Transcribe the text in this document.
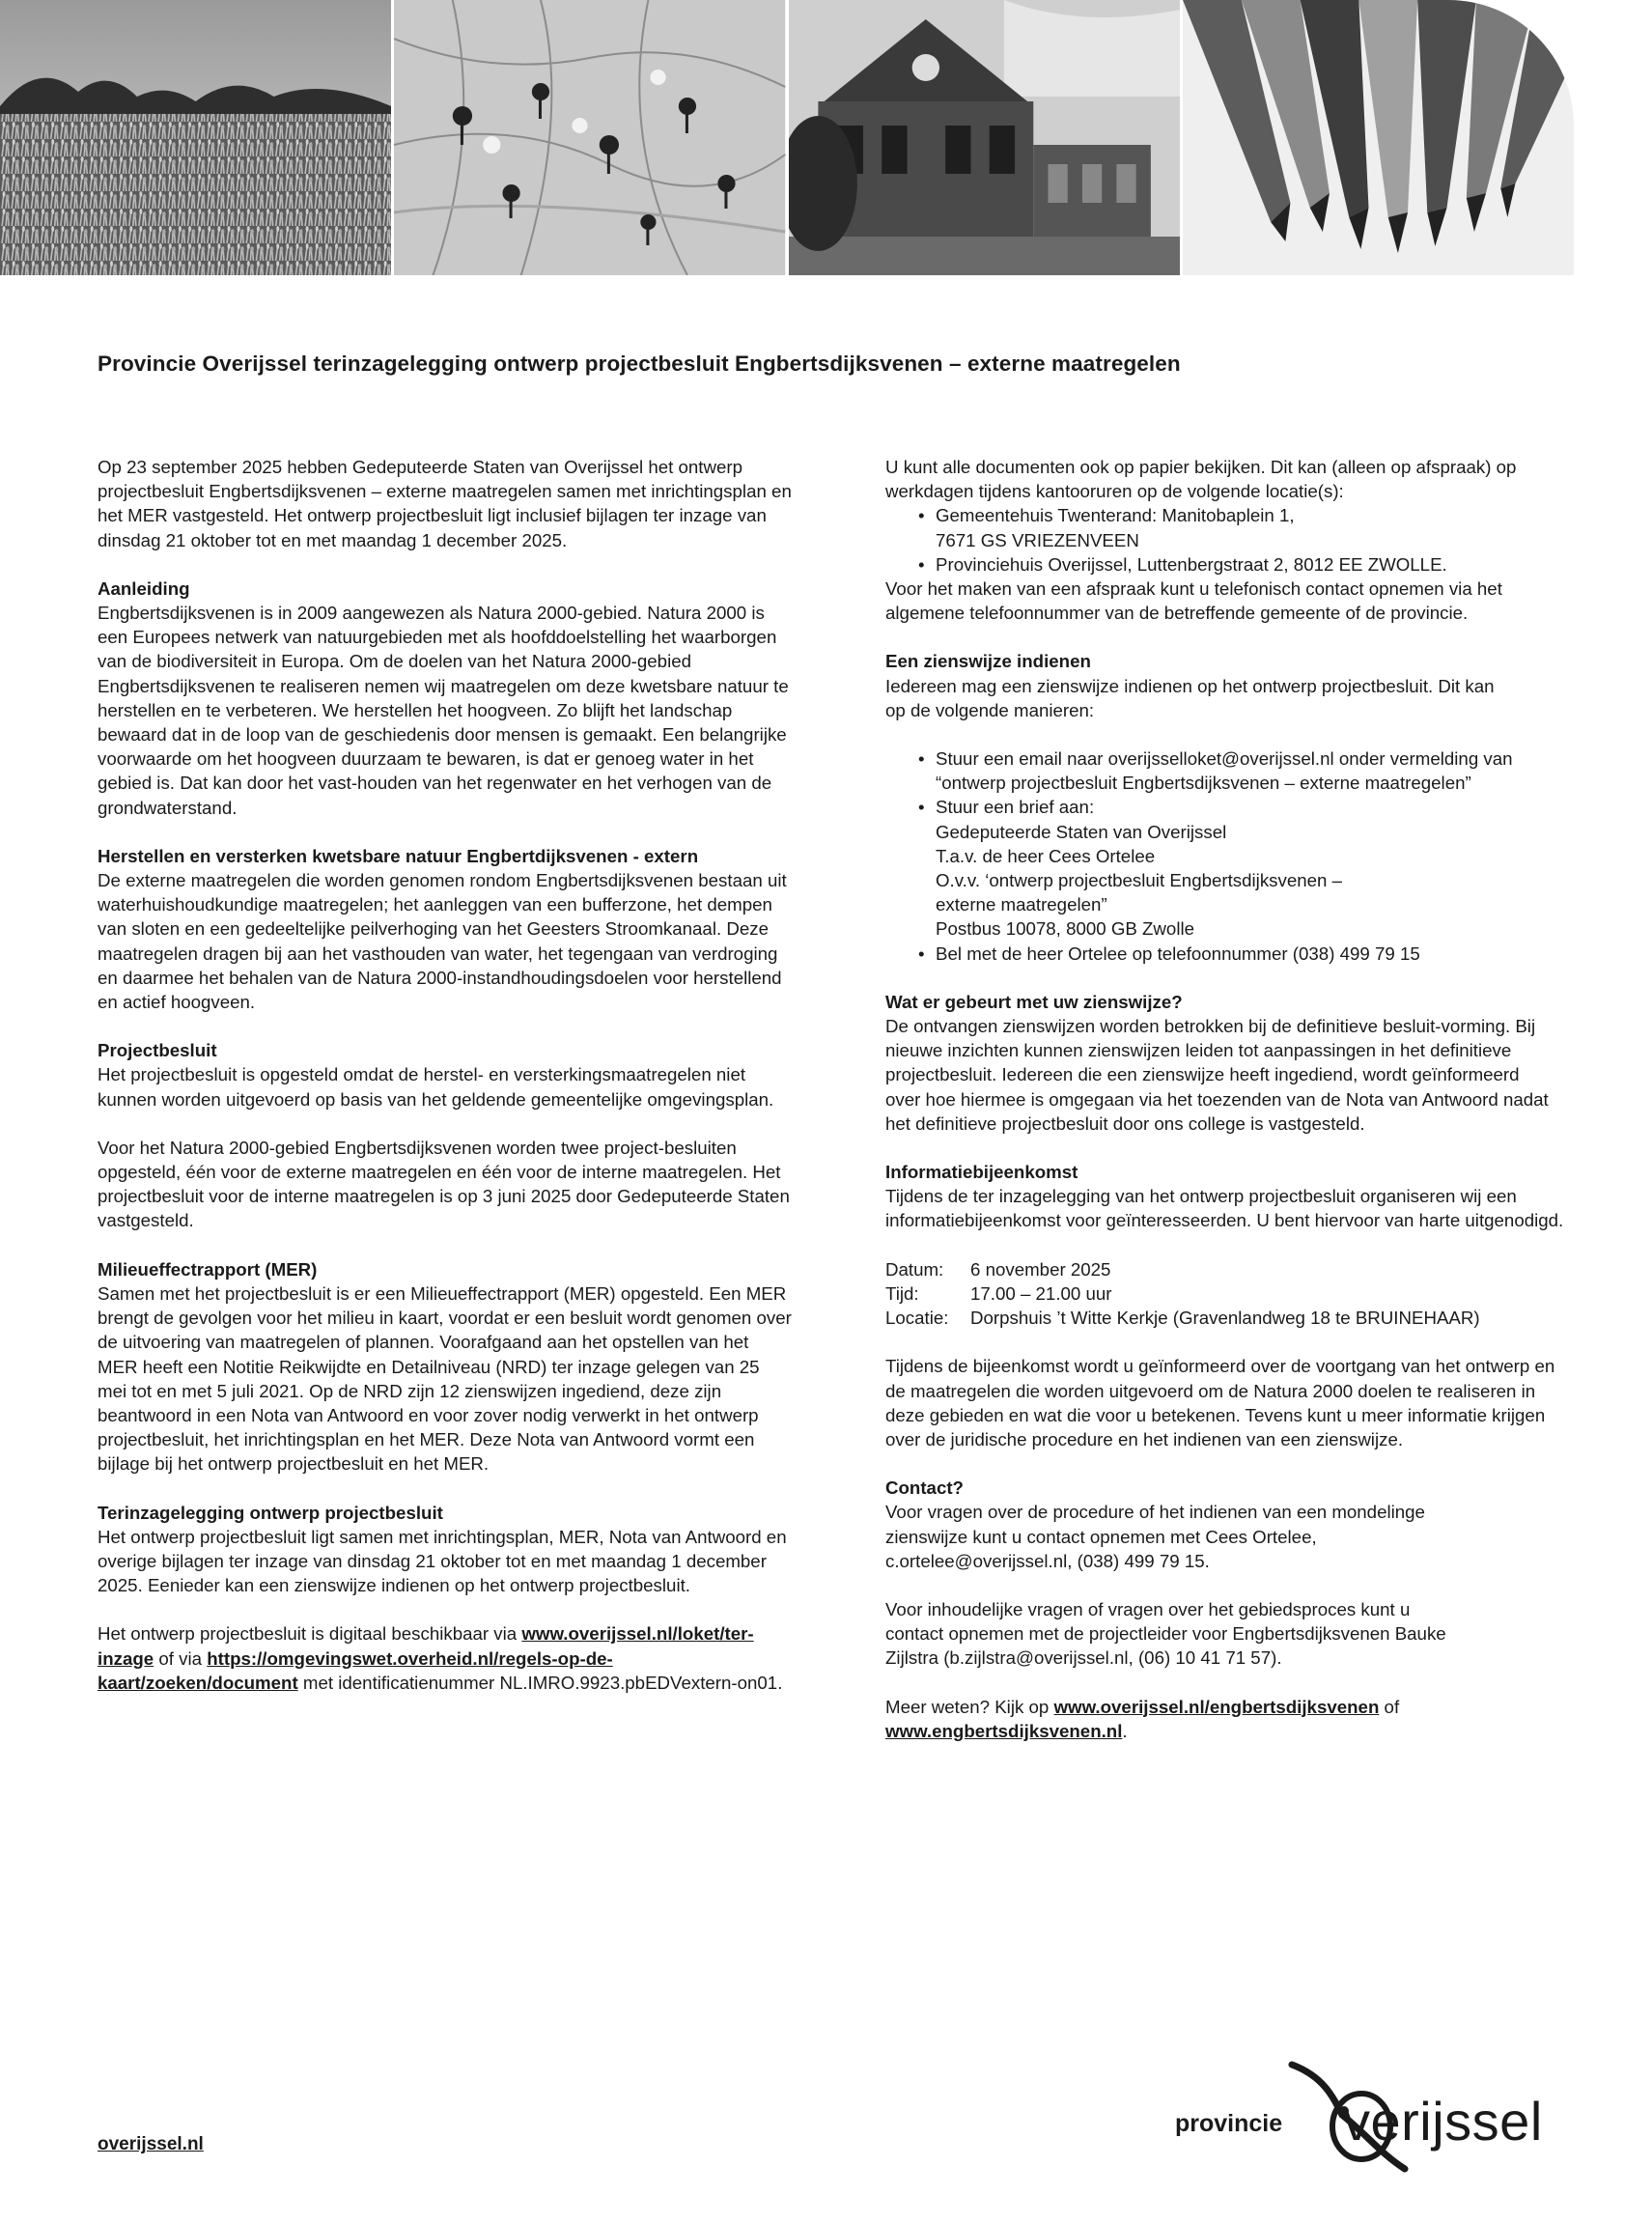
Provincie Overijssel terinzagelegging ontwerp projectbesluit Engbertsdijksvenen – externe maatregelen

Op 23 september 2025 hebben Gedeputeerde Staten van Overijssel het ontwerp projectbesluit Engbertsdijksvenen – externe maatregelen samen met inrichtingsplan en het MER vastgesteld. Het ontwerp projectbesluit ligt inclusief bijlagen ter inzage van dinsdag 21 oktober tot en met maandag 1 december 2025.

Aanleiding

Engbertsdijksvenen is in 2009 aangewezen als Natura 2000-gebied. Natura 2000 is een Europees netwerk van natuurgebieden met als hoofddoelstelling het waarborgen van de biodiversiteit in Europa. Om de doelen van het Natura 2000-gebied Engbertsdijksvenen te realiseren nemen wij maatregelen om deze kwetsbare natuur te herstellen en te verbeteren. We herstellen het hoogveen. Zo blijft het landschap bewaard dat in de loop van de geschiedenis door mensen is gemaakt. Een belangrijke voorwaarde om het hoogveen duurzaam te bewaren, is dat er genoeg water in het gebied is. Dat kan door het vast-houden van het regenwater en het verhogen van de grondwaterstand.

Herstellen en versterken kwetsbare natuur Engbertdijksvenen - extern

De externe maatregelen die worden genomen rondom Engbertsdijksvenen bestaan uit waterhuishoudkundige maatregelen; het aanleggen van een bufferzone, het dempen van sloten en een gedeeltelijke peilverhoging van het Geesters Stroomkanaal. Deze maatregelen dragen bij aan het vasthouden van water, het tegengaan van verdroging en daarmee het behalen van de Natura 2000-instandhoudingsdoelen voor herstellend en actief hoogveen.

Projectbesluit

Het projectbesluit is opgesteld omdat de herstel- en versterkingsmaatregelen niet kunnen worden uitgevoerd op basis van het geldende gemeentelijke omgevingsplan.

Voor het Natura 2000-gebied Engbertsdijksvenen worden twee project-besluiten opgesteld, één voor de externe maatregelen en één voor de interne maatregelen. Het projectbesluit voor de interne maatregelen is op 3 juni 2025 door Gedeputeerde Staten vastgesteld.

Milieueffectrapport (MER)

Samen met het projectbesluit is er een Milieueffectrapport (MER) opgesteld. Een MER brengt de gevolgen voor het milieu in kaart, voordat er een besluit wordt genomen over de uitvoering van maatregelen of plannen. Voorafgaand aan het opstellen van het MER heeft een Notitie Reikwijdte en Detailniveau (NRD) ter inzage gelegen van 25 mei tot en met 5 juli 2021. Op de NRD zijn 12 zienswijzen ingediend, deze zijn beantwoord in een Nota van Antwoord en voor zover nodig verwerkt in het ontwerp projectbesluit, het inrichtingsplan en het MER. Deze Nota van Antwoord vormt een bijlage bij het ontwerp projectbesluit en het MER.

Terinzagelegging ontwerp projectbesluit

Het ontwerp projectbesluit ligt samen met inrichtingsplan, MER, Nota van Antwoord en overige bijlagen ter inzage van dinsdag 21 oktober tot en met maandag 1 december 2025. Eenieder kan een zienswijze indienen op het ontwerp projectbesluit.

Het ontwerp projectbesluit is digitaal beschikbaar via www.overijssel.nl/loket/ter-inzage of via https://omgevingswet.overheid.nl/regels-op-de-kaart/zoeken/document met identificatienummer NL.IMRO.9923.pbEDVextern-on01.

U kunt alle documenten ook op papier bekijken. Dit kan (alleen op afspraak) op werkdagen tijdens kantooruren op de volgende locatie(s):

• Gemeentehuis Twenterand: Manitobaplein 1,
7671 GS VRIEZENVEEN
• Provinciehuis Overijssel, Luttenbergstraat 2, 8012 EE ZWOLLE.

Voor het maken van een afspraak kunt u telefonisch contact opnemen via het algemene telefoonnummer van de betreffende gemeente of de provincie.

Een zienswijze indienen

Iedereen mag een zienswijze indienen op het ontwerp projectbesluit. Dit kan op de volgende manieren:

• Stuur een email naar overijsselloket@overijssel.nl onder vermelding van
“ontwerp projectbesluit Engbertsdijksvenen – externe maatregelen”
• Stuur een brief aan:
Gedeputeerde Staten van Overijssel
T.a.v. de heer Cees Ortelee
O.v.v. ‘ontwerp projectbesluit Engbertsdijksvenen –
externe maatregelen”
Postbus 10078, 8000 GB Zwolle
• Bel met de heer Ortelee op telefoonnummer (038) 499 79 15

Wat er gebeurt met uw zienswijze?

De ontvangen zienswijzen worden betrokken bij de definitieve besluit-vorming. Bij nieuwe inzichten kunnen zienswijzen leiden tot aanpassingen in het definitieve projectbesluit. Iedereen die een zienswijze heeft ingediend, wordt geïnformeerd over hoe hiermee is omgegaan via het toezenden van de Nota van Antwoord nadat het definitieve projectbesluit door ons college is vastgesteld.

Informatiebijeenkomst

Tijdens de ter inzagelegging van het ontwerp projectbesluit organiseren wij een informatiebijeenkomst voor geïnteresseerden. U bent hiervoor van harte uitgenodigd.

Datum:	6 november 2025
Tijd:	17.00 – 21.00 uur
Locatie:	Dorpshuis ’t Witte Kerkje (Gravenlandweg 18 te BRUINEHAAR)

Tijdens de bijeenkomst wordt u geïnformeerd over de voortgang van het ontwerp en de maatregelen die worden uitgevoerd om de Natura 2000 doelen te realiseren in deze gebieden en wat die voor u betekenen. Tevens kunt u meer informatie krijgen over de juridische procedure en het indienen van een zienswijze.

Contact?

Voor vragen over de procedure of het indienen van een mondelinge zienswijze kunt u contact opnemen met Cees Ortelee, c.ortelee@overijssel.nl, (038) 499 79 15.

Voor inhoudelijke vragen of vragen over het gebiedsproces kunt u contact opnemen met de projectleider voor Engbertsdijksvenen Bauke Zijlstra (b.zijlstra@overijssel.nl, (06) 10 41 71 57).

Meer weten? Kijk op www.overijssel.nl/engbertsdijksvenen of
www.engbertsdijksvenen.nl.

overijssel.nl
provincie verijssel
